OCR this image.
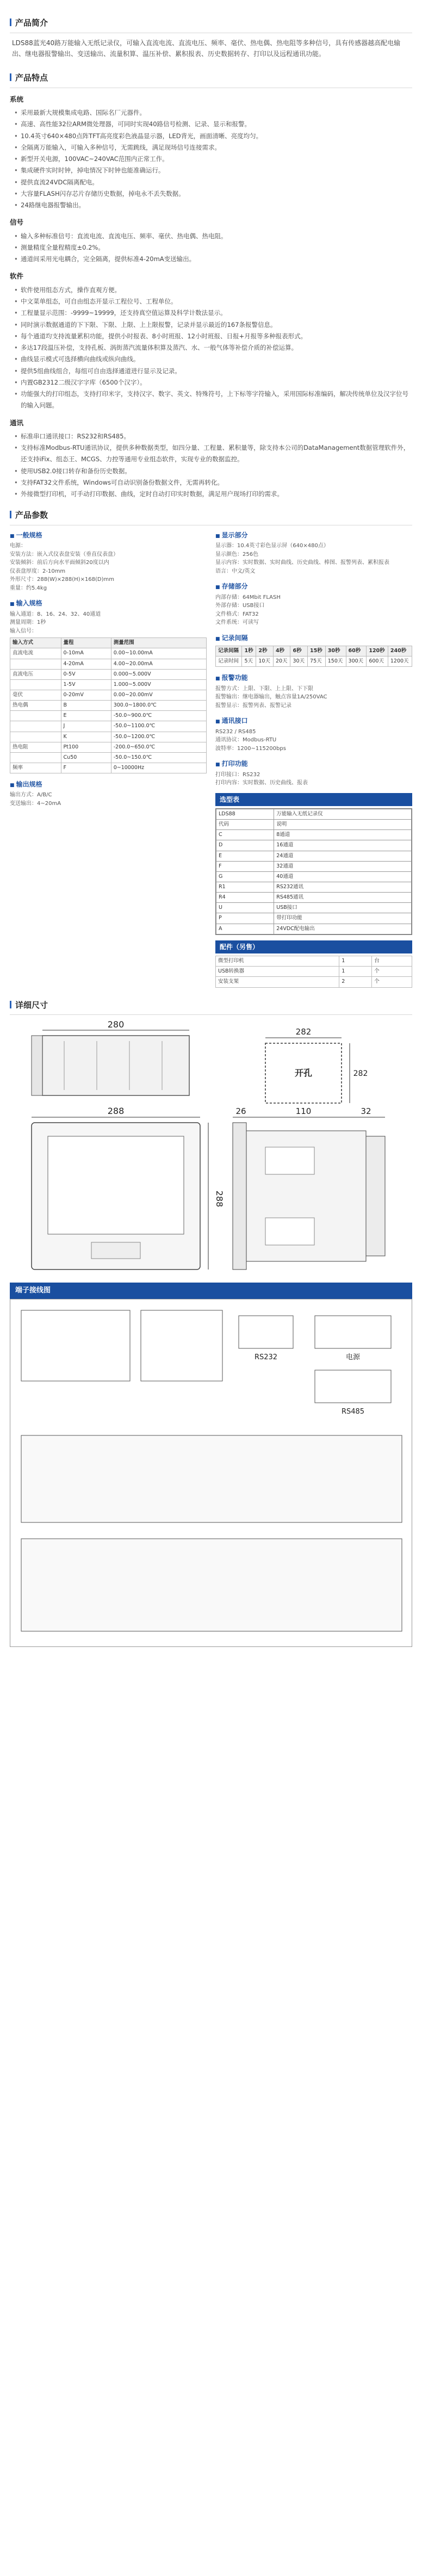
产品简介
LDS88蓝光40路万能输入无纸记录仪，可输入直流电流、直流电压、频率、毫伏、热电偶、热电阻等多种信号，具有传感器越高配电输出、继电器报警输出、变送输出、流量积算、温压补偿、累积报表、历史数据转存、打印以及远程通讯功能。
产品特点
系统
• 采用最新大规模集成电路、国际名厂元器件。
• 高速、高性能32位ARM微处理器，可同时实现40路信号检测、记录、显示和报警。
• 10.4英寸640×480点阵TFT高亮度彩色液晶显示器，LED背光，画面清晰、亮度均匀。
• 全隔离万能输入，可输入多种信号，无需跳线，满足现场信号连接需求。
• 新型开关电源，100VAC~240VAC范围内正常工作。
• 集成硬件实时时钟，掉电情况下时钟也能准确运行。
• 提供直流24VDC隔离配电。
• 大容量FLASH闪存芯片存储历史数据，掉电永不丢失数据。
• 24路继电器报警输出。
信号
• 输入多种标准信号：直流电流、直流电压、频率、毫伏、热电偶、热电阻。
• 测量精度全量程精度±0.2%。
• 通道间采用光电耦合，完全隔离，提供标准4-20mA变送输出。
软件
• 软件使用组态方式，操作直观方便。
• 中文菜单组态，可自由组态开显示工程位号、工程单位。
• 工程量显示范围：-9999~19999，还支持真空值运算及科学计数法显示。
• 同时演示数据通道的下下限、下限、上限、上上限报警，记录并显示最近的167条报警信息。
• 每个通道均支持流量累积功能，提供小时报表、8小时班报、12小时班报、日报+月报等多种报表形式。
• 多达17段温压补偿，支持孔板、涡街蒸汽流量体积算及蒸汽、水、一般气体等补偿介质的补偿运算。
• 曲线显示模式可选择横向曲线或纵向曲线。
• 提供5组曲线组合，每组可自由选择通道进行显示及记录。
• 内置GB2312二级汉字字库（6500个汉字）。
• 功能强大的打印组态，支持打印米字，支持汉字、数字、英文、特殊符号，上下标等字符输入，采用国际标准编码，解决传统单位及汉字位号的输入问题。
通讯
• 标准串口通讯接口：RS232和RS485。
• 支持标准Modbus-RTU通讯协议，提供多种数据类型，如四分量、工程量、累积量等，除支持本公司的DataManagement数据管理软件外，还支持iFix、组态王、MCGS、力控等通用专业组态软件，实现专业的数据监控。
• 使用USB2.0接口转存和备份历史数据。
• 支持FAT32文件系统，Windows可自动识别备份数据文件，无需再转化。
• 外接微型打印机，可手动打印数据、曲线，定时自动打印实时数据，满足用户现场打印的需求。
产品参数
■ 一般规格

电源：
安装方法：嵌入式仪表盘安装（垂直仪表盘）
安装倾斜：前后方向水平面倾斜20度以内
仪表盘厚度：2-10mm
外形尺寸：288(W)×288(H)×168(D)mm
重量：约5.4kg

■ 输入规格

输入通道：8、16、24、32、40通道
测量周期：1秒
输入信号：

输入方式	量程	测量范围
直流电流	0-10mA	0.00~10.00mA
	4-20mA	4.00~20.00mA
直流电压	0-5V	0.000~5.000V
	1-5V	1.000~5.000V
毫伏	0-20mV	0.00~20.00mV
热电偶	B	300.0~1800.0℃
	E	-50.0~900.0℃
	J	-50.0~1100.0℃
	K	-50.0~1200.0℃
热电阻	Pt100	-200.0~650.0℃
	Cu50	-50.0~150.0℃
频率	F	0~10000Hz
■ 输出规格

输出方式：A/B/C
变送输出：4~20mA

■ 显示部分

显示器：10.4英寸彩色显示屏（640×480点）
显示颜色：256色
显示内容：实时数据、实时曲线、历史曲线、棒图、报警列表、累积报表
语言：中文/英文

■ 存储部分

内部存储：64Mbit FLASH
外部存储：USB接口
文件格式：FAT32
文件系统：可读写

■ 记录间隔
记录间隔	1秒	2秒	4秒	6秒	15秒	30秒	60秒	120秒	240秒
记录时间	5天	10天	20天	30天	75天	150天	300天	600天	1200天
■ 报警功能

报警方式：上限、下限、上上限、下下限
报警输出：继电器输出，触点容量1A/250VAC
报警显示：报警列表、报警记录

■ 通讯接口

RS232 / RS485
通讯协议：Modbus-RTU
波特率：1200~115200bps

■ 打印功能

打印接口：RS232
打印内容：实时数据、历史曲线、报表

选型表
LDS88	万能输入无纸记录仪
代码	说明
C	8通道
D	16通道
E	24通道
F	32通道
G	40通道
R1	RS232通讯
R4	RS485通讯
U	USB接口
P	带打印功能
A	24VDC配电输出
配件（另售）
微型打印机	1	台
USB转换器	1	个
安装支架	2	个
详细尺寸
280
282
开孔	282
288
288
26	110	32
端子接线图
RS232	电源
RS485
